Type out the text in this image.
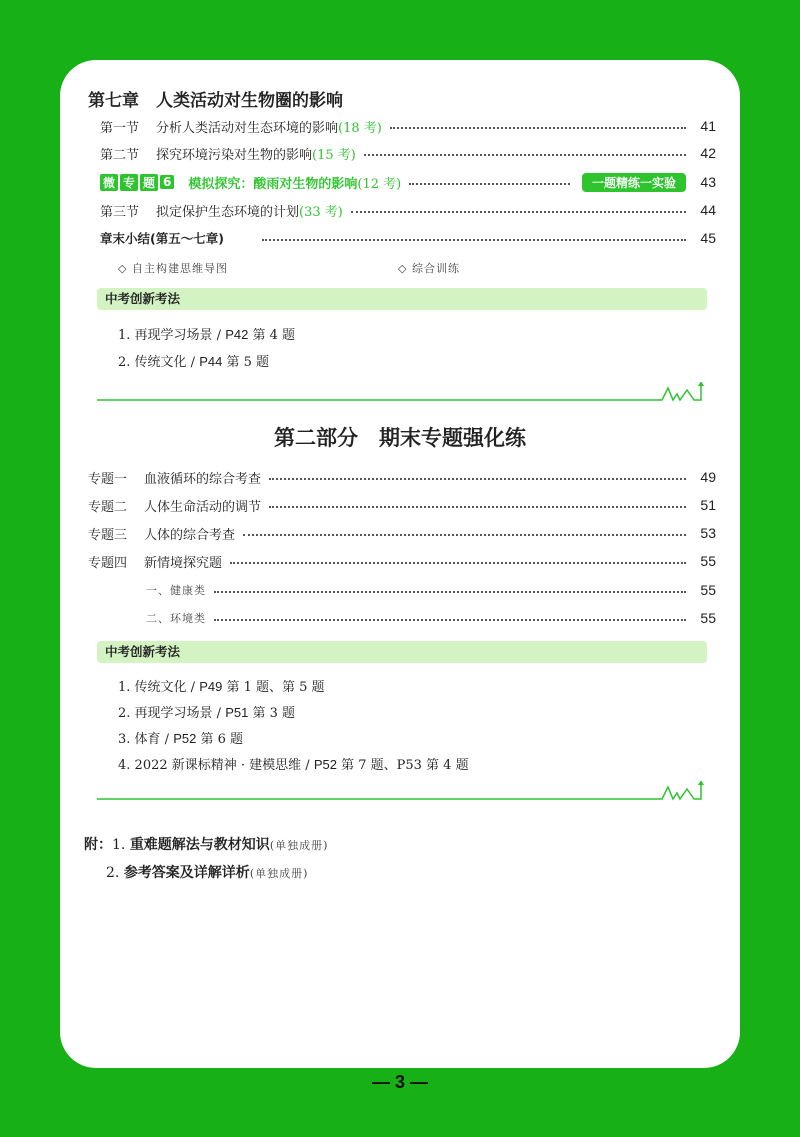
第七章　人类活动对生物圈的影响
第一节	分析人类活动对生态环境的影响 (18 考)	41
第二节	探究环境污染对生物的影响 (15 考)	42
微 专 题 6 模拟探究：酸雨对生物的影响 (12 考)	一题精练一实验	43
第三节	拟定保护生态环境的计划 (33 考)	44
章末小结(第五～七章)	45
◇ 自主构建思维导图	◇ 综合训练
中考创新考法
1. 再现学习场景 / P42 第 4 题
2. 传统文化 / P44 第 5 题
第二部分　期末专题强化练
专题一	血液循环的综合考查	49
专题二	人体生命活动的调节	51
专题三	人体的综合考查	53
专题四	新情境探究题	55
一、健康类	55
二、环境类	55
中考创新考法
1. 传统文化 / P49 第 1 题、第 5 题
2. 再现学习场景 / P51 第 3 题
3. 体育 / P52 第 6 题
4. 2022 新课标精神 · 建模思维 / P52 第 7 题、P53 第 4 题
附：1. 重难题解法与教材知识(单独成册)
2. 参考答案及详解详析(单独成册)
— 3 —
